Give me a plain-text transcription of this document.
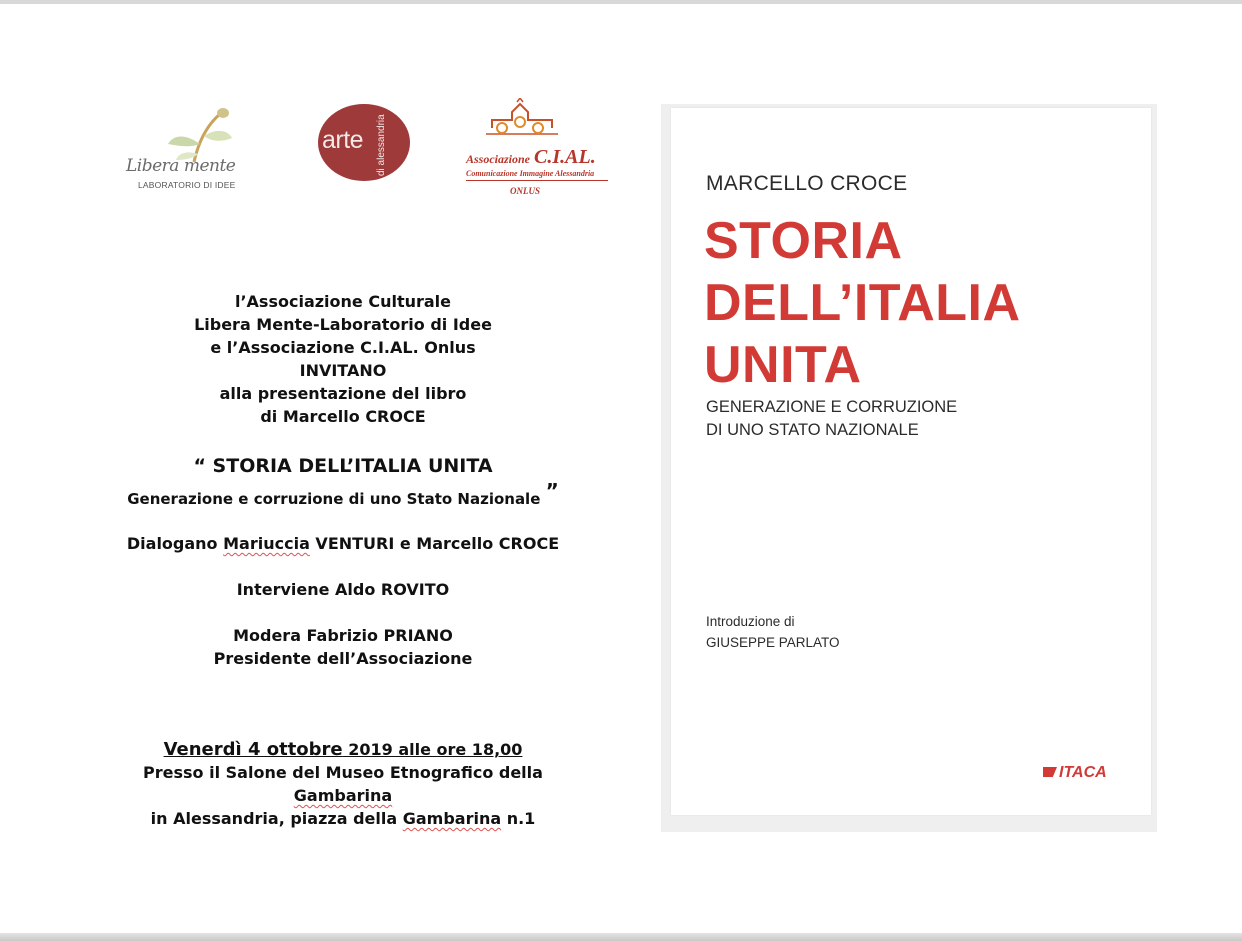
Libera mente
LABORATORIO DI IDEE
arte di alessandria	Associazione C.I.AL.
Comunicazione Immagine Alessandria
ONLUS
l’Associazione Culturale
Libera Mente-Laboratorio di Idee
e l’Associazione C.I.AL. Onlus
INVITANO
alla presentazione del libro
di Marcello CROCE
“ STORIA DELL’ITALIA UNITA
Generazione e corruzione di uno Stato Nazionale ”
Dialogano Mariuccia VENTURI e Marcello CROCE
Interviene Aldo ROVITO
Modera Fabrizio PRIANO
Presidente dell’Associazione
Venerdì 4 ottobre 2019 alle ore 18,00
Presso il Salone del Museo Etnografico della
Gambarina
in Alessandria, piazza della Gambarina n.1
MARCELLO CROCE
STORIA
DELL’ITALIA
UNITA
GENERAZIONE E CORRUZIONE
DI UNO STATO NAZIONALE
Introduzione di
GIUSEPPE PARLATO
ITACA
